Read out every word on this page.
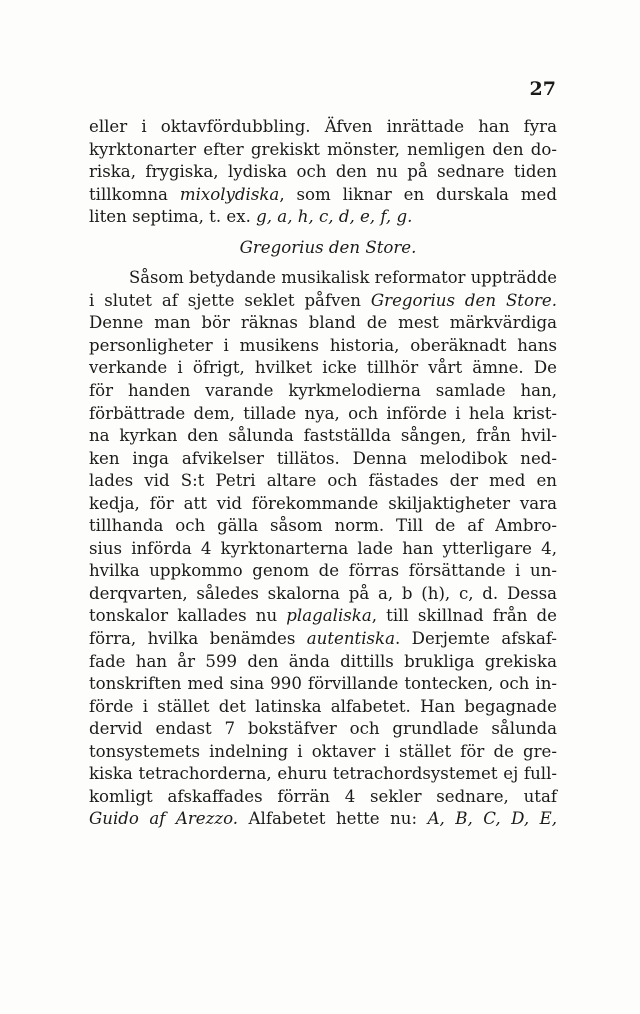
27
eller i oktavfördubbling. Äfven inrättade han fyra
kyrktonarter efter grekiskt mönster, nemligen den do-
riska, frygiska, lydiska och den nu på sednare tiden
tillkomna mixolydiska, som liknar en durskala med
liten septima, t. ex. g, a, h, c, d, e, f, g.
Gregorius den Store.
Såsom betydande musikalisk reformator uppträdde
i slutet af sjette seklet påfven Gregorius den Store.
Denne man bör räknas bland de mest märkvärdiga
personligheter i musikens historia, oberäknadt hans
verkande i öfrigt, hvilket icke tillhör vårt ämne. De
för handen varande kyrkmelodierna samlade han,
förbättrade dem, tillade nya, och införde i hela krist-
na kyrkan den sålunda fastställda sången, från hvil-
ken inga afvikelser tillätos. Denna melodibok ned-
lades vid S:t Petri altare och fästades der med en
kedja, för att vid förekommande skiljaktigheter vara
tillhanda och gälla såsom norm. Till de af Ambro-
sius införda 4 kyrktonarterna lade han ytterligare 4,
hvilka uppkommo genom de förras försättande i un-
derqvarten, således skalorna på a, b (h), c, d. Dessa
tonskalor kallades nu plagaliska, till skillnad från de
förra, hvilka benämdes autentiska. Derjemte afskaf-
fade han år 599 den ända dittills brukliga grekiska
tonskriften med sina 990 förvillande tontecken, och in-
förde i stället det latinska alfabetet. Han begagnade
dervid endast 7 bokstäfver och grundlade sålunda
tonsystemets indelning i oktaver i stället för de gre-
kiska tetrachorderna, ehuru tetrachordsystemet ej full-
komligt afskaffades förrän 4 sekler sednare, utaf
Guido af Arezzo. Alfabetet hette nu: A, B, C, D, E,
